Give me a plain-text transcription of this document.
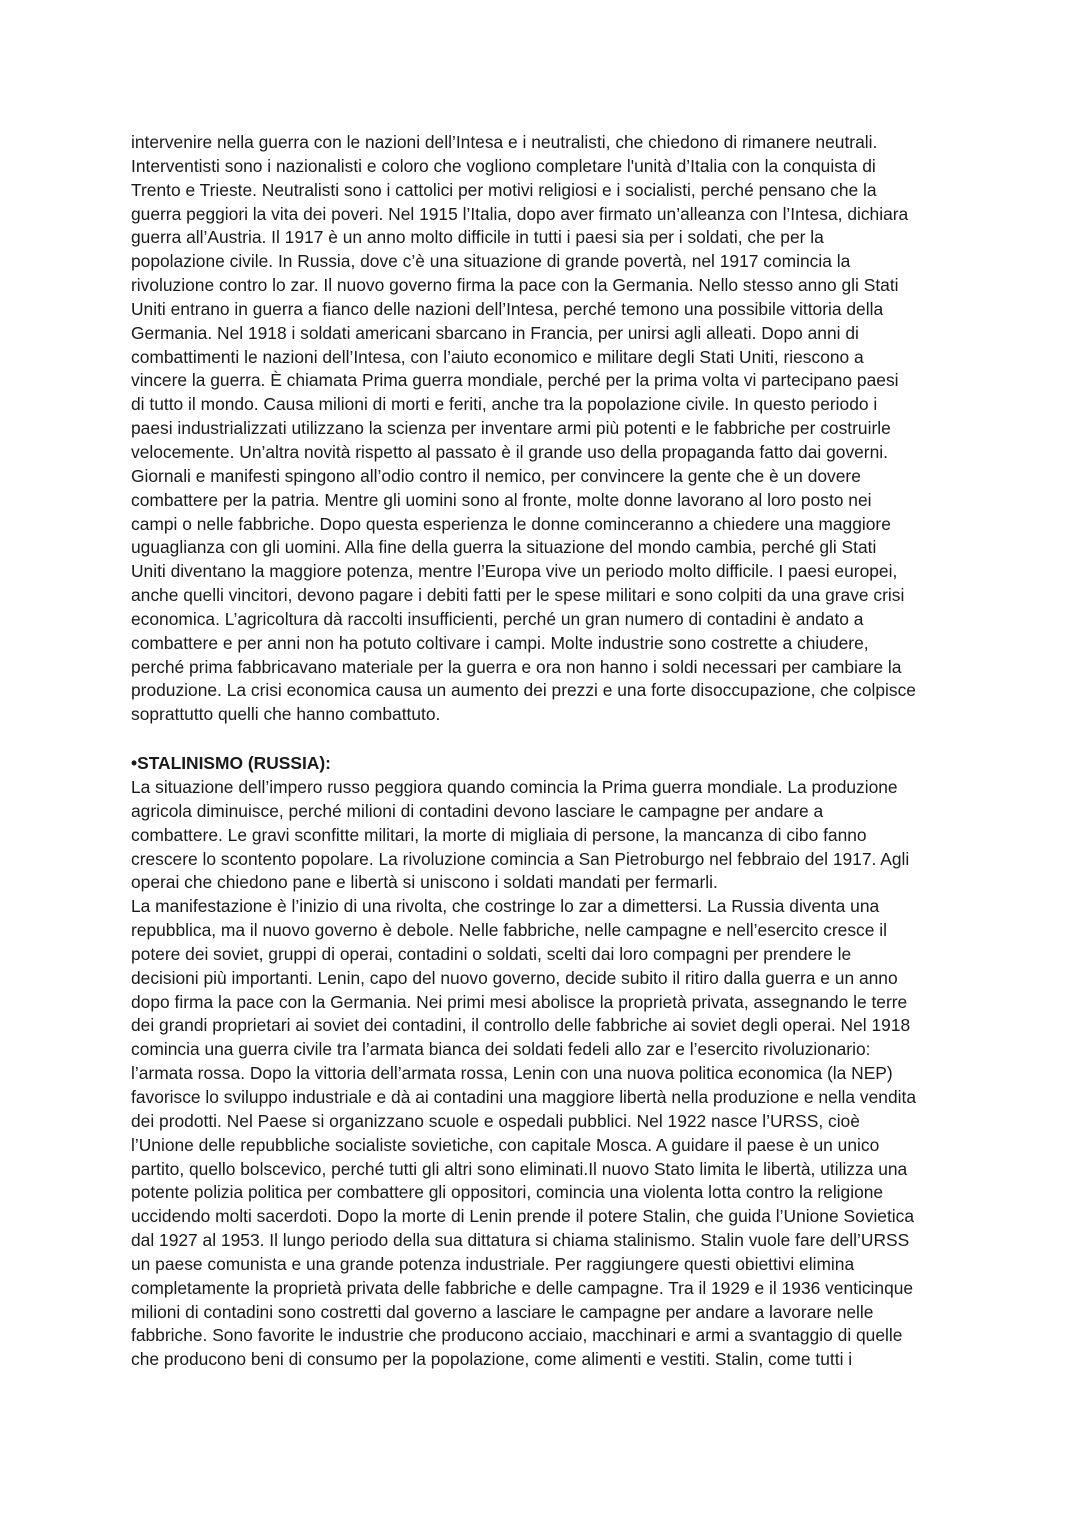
intervenire nella guerra con le nazioni dell’Intesa e i neutralisti, che chiedono di rimanere neutrali.
Interventisti sono i nazionalisti e coloro che vogliono completare l'unità d’Italia con la conquista di
Trento e Trieste. Neutralisti sono i cattolici per motivi religiosi e i socialisti, perché pensano che la
guerra peggiori la vita dei poveri. Nel 1915 l’Italia, dopo aver firmato un’alleanza con l’Intesa, dichiara
guerra all’Austria. Il 1917 è un anno molto difficile in tutti i paesi sia per i soldati, che per la
popolazione civile. In Russia, dove c’è una situazione di grande povertà, nel 1917 comincia la
rivoluzione contro lo zar. Il nuovo governo firma la pace con la Germania. Nello stesso anno gli Stati
Uniti entrano in guerra a fianco delle nazioni dell’Intesa, perché temono una possibile vittoria della
Germania. Nel 1918 i soldati americani sbarcano in Francia, per unirsi agli alleati. Dopo anni di
combattimenti le nazioni dell’Intesa, con l’aiuto economico e militare degli Stati Uniti, riescono a
vincere la guerra. È chiamata Prima guerra mondiale, perché per la prima volta vi partecipano paesi
di tutto il mondo. Causa milioni di morti e feriti, anche tra la popolazione civile. In questo periodo i
paesi industrializzati utilizzano la scienza per inventare armi più potenti e le fabbriche per costruirle
velocemente. Un’altra novità rispetto al passato è il grande uso della propaganda fatto dai governi.
Giornali e manifesti spingono all’odio contro il nemico, per convincere la gente che è un dovere
combattere per la patria. Mentre gli uomini sono al fronte, molte donne lavorano al loro posto nei
campi o nelle fabbriche. Dopo questa esperienza le donne cominceranno a chiedere una maggiore
uguaglianza con gli uomini. Alla fine della guerra la situazione del mondo cambia, perché gli Stati
Uniti diventano la maggiore potenza, mentre l’Europa vive un periodo molto difficile. I paesi europei,
anche quelli vincitori, devono pagare i debiti fatti per le spese militari e sono colpiti da una grave crisi
economica. L’agricoltura dà raccolti insufficienti, perché un gran numero di contadini è andato a
combattere e per anni non ha potuto coltivare i campi. Molte industrie sono costrette a chiudere,
perché prima fabbricavano materiale per la guerra e ora non hanno i soldi necessari per cambiare la
produzione. La crisi economica causa un aumento dei prezzi e una forte disoccupazione, che colpisce
soprattutto quelli che hanno combattuto.
•STALINISMO (RUSSIA):
La situazione dell’impero russo peggiora quando comincia la Prima guerra mondiale. La produzione
agricola diminuisce, perché milioni di contadini devono lasciare le campagne per andare a
combattere. Le gravi sconfitte militari, la morte di migliaia di persone, la mancanza di cibo fanno
crescere lo scontento popolare. La rivoluzione comincia a San Pietroburgo nel febbraio del 1917. Agli
operai che chiedono pane e libertà si uniscono i soldati mandati per fermarli.
La manifestazione è l’inizio di una rivolta, che costringe lo zar a dimettersi. La Russia diventa una
repubblica, ma il nuovo governo è debole. Nelle fabbriche, nelle campagne e nell’esercito cresce il
potere dei soviet, gruppi di operai, contadini o soldati, scelti dai loro compagni per prendere le
decisioni più importanti. Lenin, capo del nuovo governo, decide subito il ritiro dalla guerra e un anno
dopo firma la pace con la Germania. Nei primi mesi abolisce la proprietà privata, assegnando le terre
dei grandi proprietari ai soviet dei contadini, il controllo delle fabbriche ai soviet degli operai. Nel 1918
comincia una guerra civile tra l’armata bianca dei soldati fedeli allo zar e l’esercito rivoluzionario:
l’armata rossa. Dopo la vittoria dell’armata rossa, Lenin con una nuova politica economica (la NEP)
favorisce lo sviluppo industriale e dà ai contadini una maggiore libertà nella produzione e nella vendita
dei prodotti. Nel Paese si organizzano scuole e ospedali pubblici. Nel 1922 nasce l’URSS, cioè
l’Unione delle repubbliche socialiste sovietiche, con capitale Mosca. A guidare il paese è un unico
partito, quello bolscevico, perché tutti gli altri sono eliminati.Il nuovo Stato limita le libertà, utilizza una
potente polizia politica per combattere gli oppositori, comincia una violenta lotta contro la religione
uccidendo molti sacerdoti. Dopo la morte di Lenin prende il potere Stalin, che guida l’Unione Sovietica
dal 1927 al 1953. Il lungo periodo della sua dittatura si chiama stalinismo. Stalin vuole fare dell’URSS
un paese comunista e una grande potenza industriale. Per raggiungere questi obiettivi elimina
completamente la proprietà privata delle fabbriche e delle campagne. Tra il 1929 e il 1936 venticinque
milioni di contadini sono costretti dal governo a lasciare le campagne per andare a lavorare nelle
fabbriche. Sono favorite le industrie che producono acciaio, macchinari e armi a svantaggio di quelle
che producono beni di consumo per la popolazione, come alimenti e vestiti. Stalin, come tutti i
